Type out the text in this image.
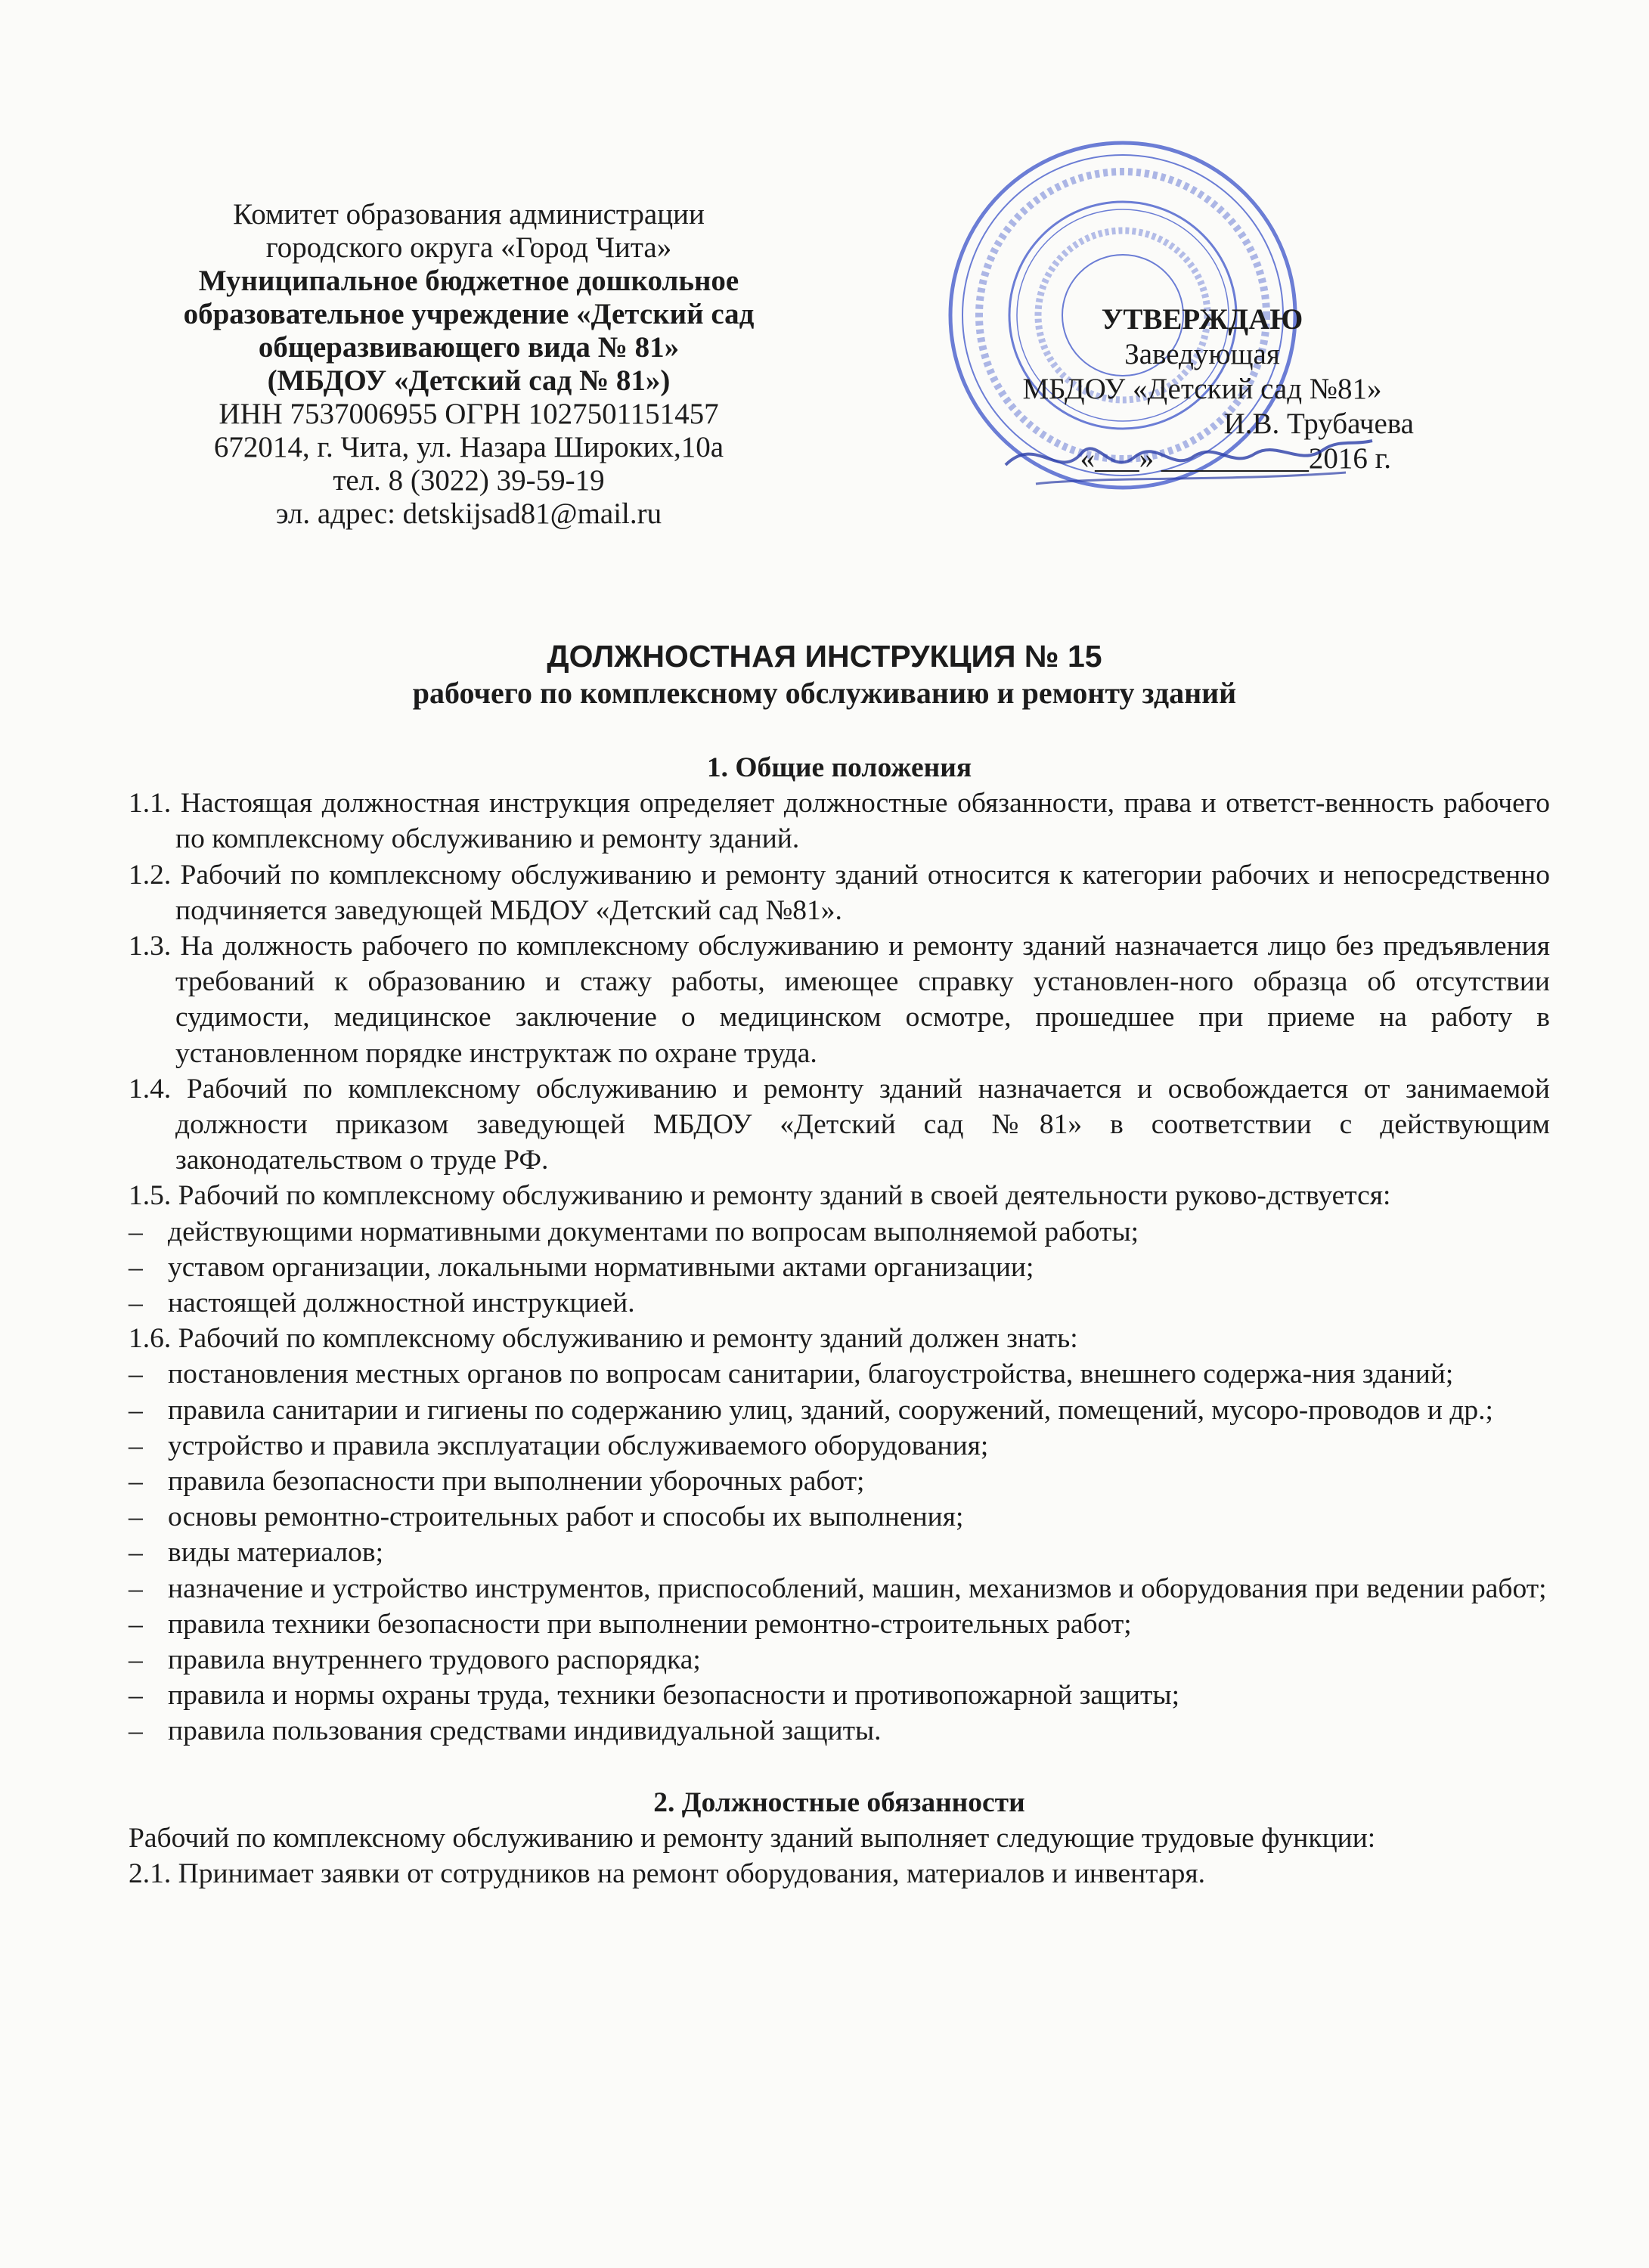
Комитет образования администрации
городского округа «Город Чита»
Муниципальное бюджетное дошкольное
образовательное учреждение «Детский сад
общеразвивающего вида № 81»
(МБДОУ «Детский сад № 81»)
ИНН 7537006955 ОГРН 1027501151457
672014, г. Чита, ул. Назара Широких,10а
тел. 8 (3022) 39-59-19
эл. адрес: detskijsad81@mail.ru
УТВЕРЖДАЮ
Заведующая
МБДОУ «Детский сад №81»
И.В. Трубачева
«___» __________2016 г.
ДОЛЖНОСТНАЯ ИНСТРУКЦИЯ № 15
рабочего по комплексному обслуживанию и ремонту зданий

1. Общие положения

1.1. Настоящая должностная инструкция определяет должностные обязанности, права и ответст-венность рабочего по комплексному обслуживанию и ремонту зданий.

1.2. Рабочий по комплексному обслуживанию и ремонту зданий относится к категории рабочих и непосредственно подчиняется заведующей МБДОУ «Детский сад №81».

1.3. На должность рабочего по комплексному обслуживанию и ремонту зданий назначается лицо без предъявления требований к образованию и стажу работы, имеющее справку установлен-ного образца об отсутствии судимости, медицинское заключение о медицинском осмотре, прошедшее при приеме на работу в установленном порядке инструктаж по охране труда.

1.4. Рабочий по комплексному обслуживанию и ремонту зданий назначается и освобождается от занимаемой должности приказом заведующей МБДОУ «Детский сад №81» в соответствии с действующим законодательством о труде РФ.

1.5. Рабочий по комплексному обслуживанию и ремонту зданий в своей деятельности руково-дствуется:

– действующими нормативными документами по вопросам выполняемой работы;

– уставом организации, локальными нормативными актами организации;

– настоящей должностной инструкцией.

1.6. Рабочий по комплексному обслуживанию и ремонту зданий должен знать:

– постановления местных органов по вопросам санитарии, благоустройства, внешнего содержа-ния зданий;

– правила санитарии и гигиены по содержанию улиц, зданий, сооружений, помещений, мусоро-проводов и др.;

– устройство и правила эксплуатации обслуживаемого оборудования;

– правила безопасности при выполнении уборочных работ;

– основы ремонтно-строительных работ и способы их выполнения;

– виды материалов;

– назначение и устройство инструментов, приспособлений, машин, механизмов и оборудования при ведении работ;

– правила техники безопасности при выполнении ремонтно-строительных работ;

– правила внутреннего трудового распорядка;

– правила и нормы охраны труда, техники безопасности и противопожарной защиты;

– правила пользования средствами индивидуальной защиты.

2. Должностные обязанности

Рабочий по комплексному обслуживанию и ремонту зданий выполняет следующие трудовые функции:

2.1. Принимает заявки от сотрудников на ремонт оборудования, материалов и инвентаря.
